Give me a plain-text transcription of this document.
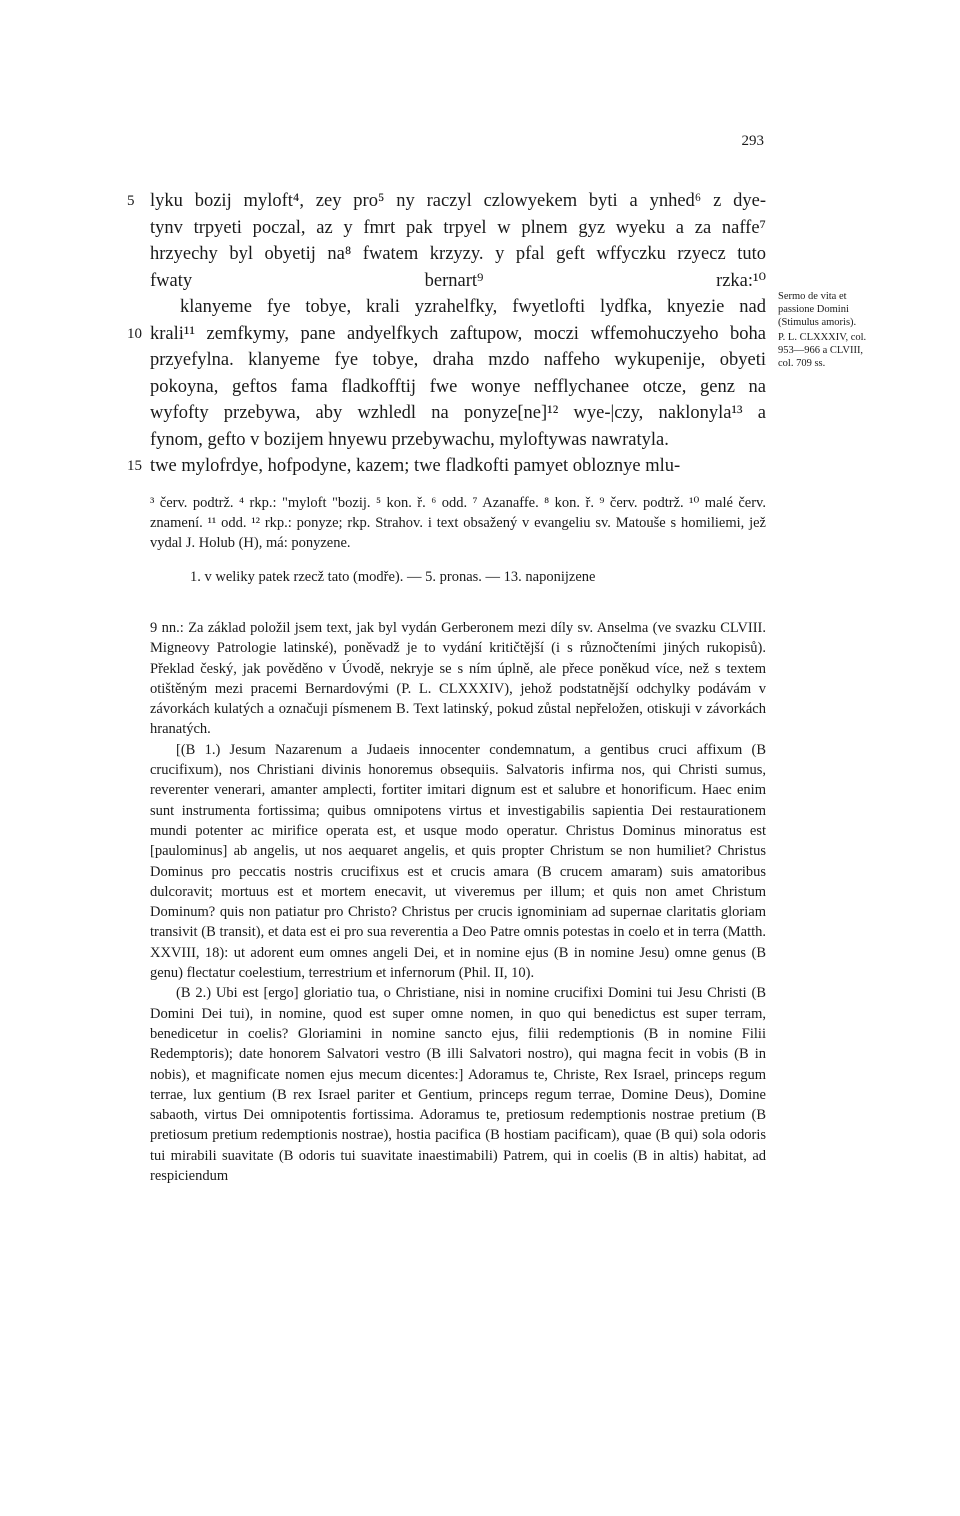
293
5 lyku bozij myloft⁴, zey pro⁵ ny raczyl czlowyekem byti a ynhed⁶ z dye-
tynv trpyeti poczal, az y fmrt pak trpyel w plnem gyz wyeku a za naffe⁷
hrzyechy byl obyetij na⁸ fwatem krzyzy. y pfal geft wffyczku rzyecz tuto
fwaty bernart⁹ rzka:¹⁰
klanyeme fye tobye, krali yzrahelfky, fwyetlofti lydfka, knyezie nad
10 krali¹¹ zemfkymy, pane andyelfkych zaftupow, moczi wffemohuczyeho boha
przyefylna. klanyeme fye tobye, draha mzdo naffeho wykupenije, obyeti
pokoyna, geftos fama fladkofftij fwe wonye nefflychanee otcze, genz na
wyfofty przebywa, aby wzhledl na ponyze[ne]¹² wye-|czy, naklonyla¹³ a
fynom, gefto v bozijem hnyewu przebywachu, myloftywas nawratyla.
15 twe mylofrdye, hofpodyne, kazem; twe fladkofti pamyet obloznye mlu-

Sermo de vita et passione Domini (Stimulus amoris).

P. L. CLXXXIV, col. 953—966 a CLVIII, col. 709 ss.

³ červ. podtrž. ⁴ rkp.: "myloft "bozij. ⁵ kon. ř. ⁶ odd. ⁷ Azanaffe. ⁸ kon. ř. ⁹ červ. podtrž. ¹⁰ malé červ. znamení. ¹¹ odd. ¹² rkp.: ponyze; rkp. Strahov. i text obsažený v evangeliu sv. Matouše s homiliemi, jež vydal J. Holub (H), má: ponyzene.

1. v weliky patek rzecž tato (modře). — 5. pronas. — 13. naponijzene

9 nn.: Za základ položil jsem text, jak byl vydán Gerberonem mezi díly sv. Anselma (ve svazku CLVIII. Migneovy Patrologie latinské), poněvadž je to vydání kritičtější (i s různočteními jiných rukopisů). Překlad český, jak pověděno v Úvodě, nekryje se s ním úplně, ale přece poněkud více, než s textem otištěným mezi pracemi Bernardovými (P. L. CLXXXIV), jehož podstatnější odchylky podávám v závorkách kulatých a označuji písmenem B. Text latinský, pokud zůstal nepřeložen, otiskuji v závorkách hranatých.

[(B 1.) Jesum Nazarenum a Judaeis innocenter condemnatum, a gentibus cruci affixum (B crucifixum), nos Christiani divinis honoremus obsequiis. Salvatoris infirma nos, qui Christi sumus, reverenter venerari, amanter amplecti, fortiter imitari dignum est et salubre et honorificum. Haec enim sunt instrumenta fortissima; quibus omnipotens virtus et investigabilis sapientia Dei restaurationem mundi potenter ac mirifice operata est, et usque modo operatur. Christus Dominus minoratus est [paulominus] ab angelis, ut nos aequaret angelis, et quis propter Christum se non humiliet? Christus Dominus pro peccatis nostris crucifixus est et crucis amara (B crucem amaram) suis amatoribus dulcoravit; mortuus est et mortem enecavit, ut viveremus per illum; et quis non amet Christum Dominum? quis non patiatur pro Christo? Christus per crucis ignominiam ad supernae claritatis gloriam transivit (B transit), et data est ei pro sua reverentia a Deo Patre omnis potestas in coelo et in terra (Matth. XXVIII, 18): ut adorent eum omnes angeli Dei, et in nomine ejus (B in nomine Jesu) omne genus (B genu) flectatur coelestium, terrestrium et infernorum (Phil. II, 10).

(B 2.) Ubi est [ergo] gloriatio tua, o Christiane, nisi in nomine crucifixi Domini tui Jesu Christi (B Domini Dei tui), in nomine, quod est super omne nomen, in quo qui benedictus est super terram, benedicetur in coelis? Gloriamini in nomine sancto ejus, filii redemptionis (B in nomine Filii Redemptoris); date honorem Salvatori vestro (B illi Salvatori nostro), qui magna fecit in vobis (B in nobis), et magnificate nomen ejus mecum dicentes:] Adoramus te, Christe, Rex Israel, princeps regum terrae, lux gentium (B rex Israel pariter et Gentium, princeps regum terrae, Domine Deus), Domine sabaoth, virtus Dei omnipotentis fortissima. Adoramus te, pretiosum redemptionis nostrae pretium (B pretiosum pretium redemptionis nostrae), hostia pacifica (B hostiam pacificam), quae (B qui) sola odoris tui mirabili suavitate (B odoris tui suavitate inaestimabili) Patrem, qui in coelis (B in altis) habitat, ad respiciendum
